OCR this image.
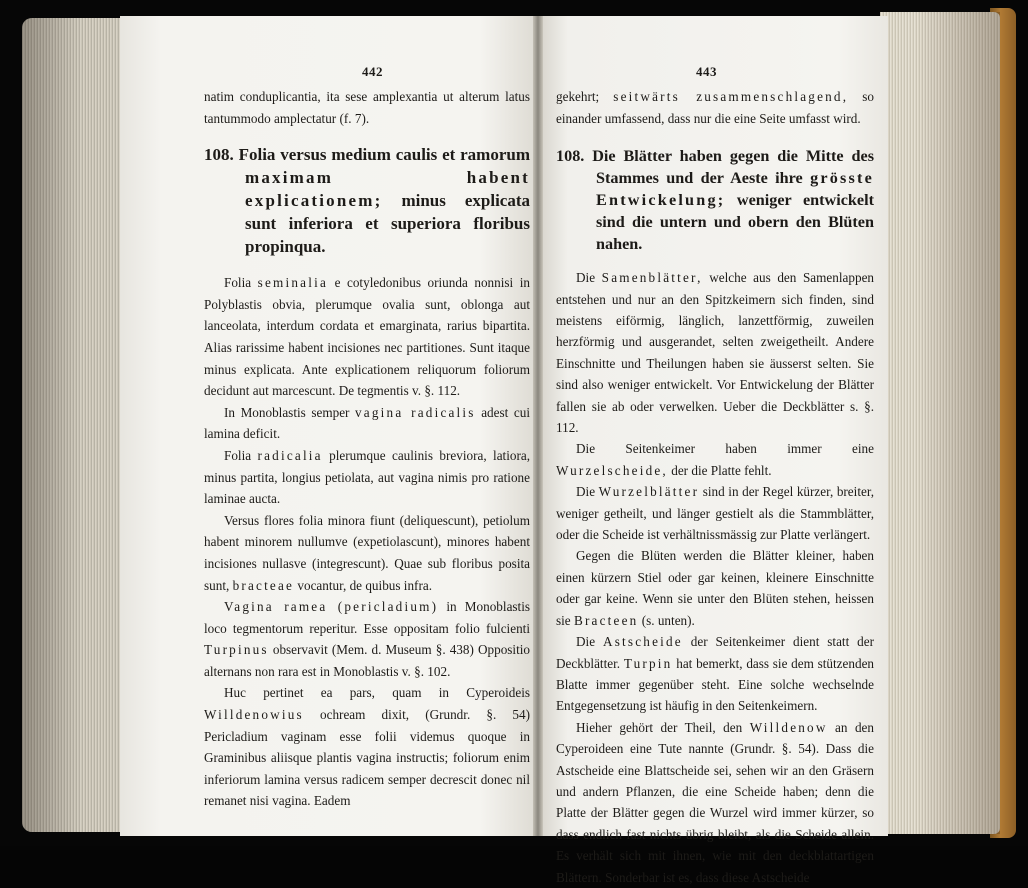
442	443

natim conduplicantia, ita sese amplexantia ut alterum latus tantummodo amplectatur (f. 7).

108. Folia versus medium caulis et ramorum maximam habent explicationem; minus explicata sunt inferiora et superiora floribus propinqua.

Folia seminalia e cotyledonibus oriunda nonnisi in Polyblastis obvia, plerumque ovalia sunt, oblonga aut lanceolata, interdum cordata et emarginata, rarius bipartita. Alias rarissime habent incisiones nec partitiones. Sunt itaque minus explicata. Ante explicationem reliquorum foliorum decidunt aut marcescunt. De tegmentis v. §. 112.

In Monoblastis semper vagina radicalis adest cui lamina deficit.

Folia radicalia plerumque caulinis breviora, latiora, minus partita, longius petiolata, aut vagina nimis pro ratione laminae aucta.

Versus flores folia minora fiunt (deliquescunt), petiolum habent minorem nullumve (expetiolascunt), minores habent incisiones nullasve (integrescunt). Quae sub floribus posita sunt, bracteae vocantur, de quibus infra.

Vagina ramea (pericladium) in Monoblastis loco tegmentorum reperitur. Esse oppositam folio fulcienti Turpinus observavit (Mem. d. Museum §. 438) Oppositio alternans non rara est in Monoblastis v. §. 102.

Huc pertinet ea pars, quam in Cyperoideis Willdenowius ochream dixit, (Grundr. §. 54) Pericladium vaginam esse folii videmus quoque in Graminibus aliisque plantis vagina instructis; foliorum enim inferiorum lamina versus radicem semper decrescit donec nil remanet nisi vagina. Eadem

gekehrt; seitwärts zusammenschlagend, so einander umfassend, dass nur die eine Seite umfasst wird.

108. Die Blätter haben gegen die Mitte des Stammes und der Aeste ihre grösste Entwickelung; weniger entwickelt sind die untern und obern den Blüten nahen.

Die Samenblätter, welche aus den Samenlappen entstehen und nur an den Spitzkeimern sich finden, sind meistens eiförmig, länglich, lanzettförmig, zuweilen herzförmig und ausgerandet, selten zweigetheilt. Andere Einschnitte und Theilungen haben sie äusserst selten. Sie sind also weniger entwickelt. Vor Entwickelung der Blätter fallen sie ab oder verwelken. Ueber die Deckblätter s. §. 112.

Die Seitenkeimer haben immer eine Wurzelscheide, der die Platte fehlt.

Die Wurzelblätter sind in der Regel kürzer, breiter, weniger getheilt, und länger gestielt als die Stammblätter, oder die Scheide ist verhältnissmässig zur Platte verlängert.

Gegen die Blüten werden die Blätter kleiner, haben einen kürzern Stiel oder gar keinen, kleinere Einschnitte oder gar keine. Wenn sie unter den Blüten stehen, heissen sie Bracteen (s. unten).

Die Astscheide der Seitenkeimer dient statt der Deckblätter. Turpin hat bemerkt, dass sie dem stützenden Blatte immer gegenüber steht. Eine solche wechselnde Entgegensetzung ist häufig in den Seitenkeimern.

Hieher gehört der Theil, den Willdenow an den Cyperoideen eine Tute nannte (Grundr. §. 54). Dass die Astscheide eine Blattscheide sei, sehen wir an den Gräsern und andern Pflanzen, die eine Scheide haben; denn die Platte der Blätter gegen die Wurzel wird immer kürzer, so dass endlich fast nichts übrig bleibt, als die Scheide allein. Es verhält sich mit ihnen, wie mit den deckblattartigen Blättern. Sonderbar ist es, dass diese Astscheide
